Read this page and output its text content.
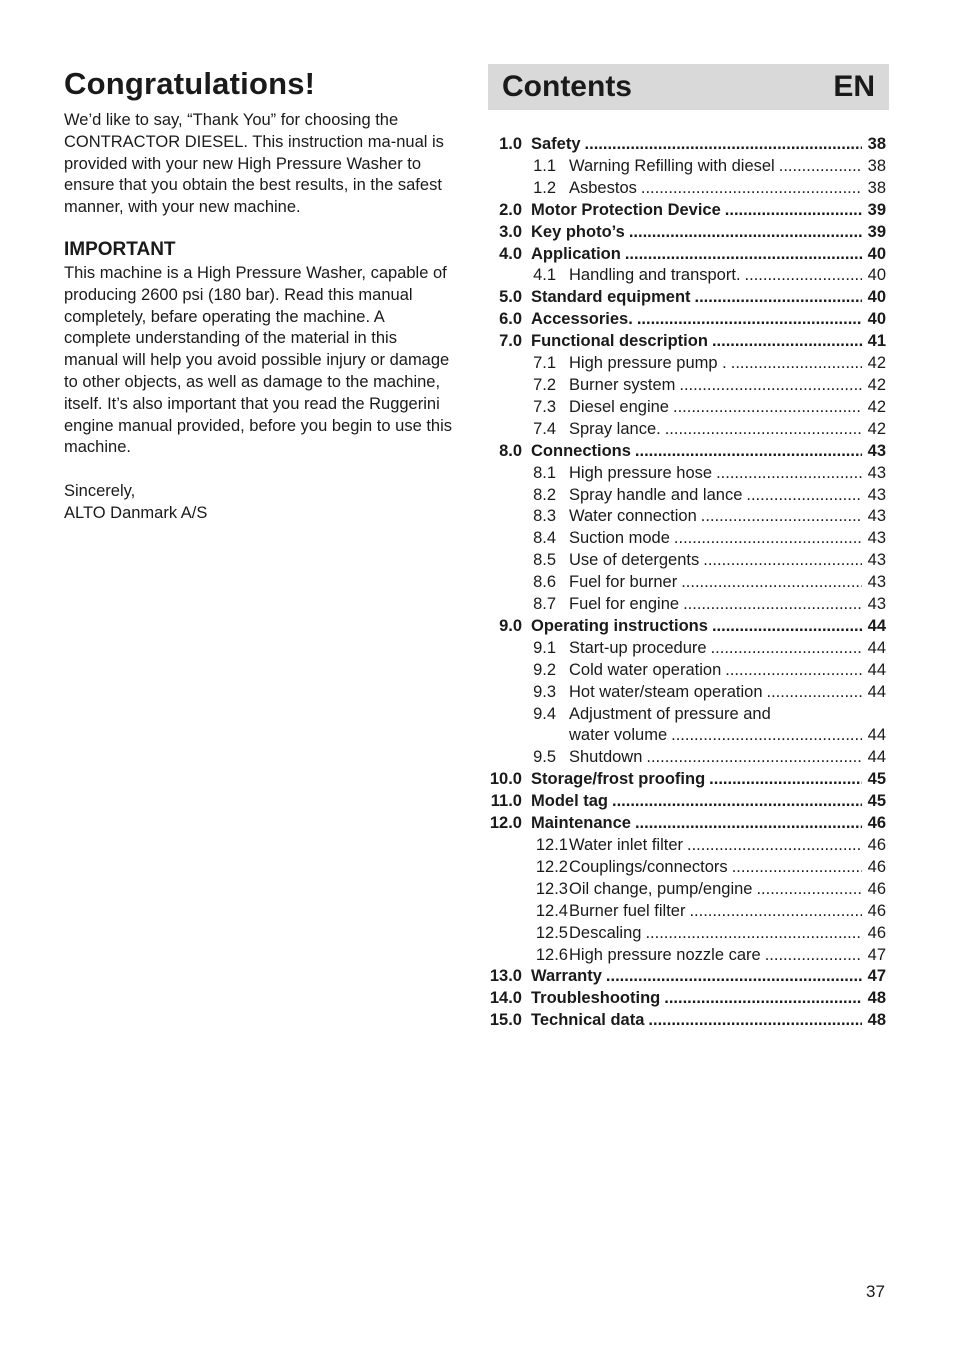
Congratulations!

We’d like to say, “Thank You” for choosing the CONTRACTOR DIESEL. This instruction ma-nual is provided with your new High Pressure Washer to ensure that you obtain the best results, in the safest manner, with your new machine.

IMPORTANT

This machine is a High Pressure Washer, capable of producing 2600 psi (180 bar). Read this manual completely, befare operating the machine. A complete understanding of the material in this manual will help you avoid possible injury or damage to other objects, as well as damage to the machine, itself. It’s also important that you read the Ruggerini engine manual provided, before you begin to use this machine.

Sincerely,

ALTO Danmark A/S

Contents	EN
1.0 Safety .....	38
1.1 Warning Refilling with diesel .....	38
1.2 Asbestos .....	38
2.0 Motor Protection Device .....	39
3.0 Key photo’s .....	39
4.0 Application .....	40
4.1 Handling and transport. .....	40
5.0 Standard equipment .....	40
6.0 Accessories. .....	40
7.0 Functional description .....	41
7.1 High pressure pump . .....	42
7.2 Burner system .....	42
7.3 Diesel engine .....	42
7.4 Spray lance. .....	42
8.0 Connections .....	43
8.1 High pressure hose .....	43
8.2 Spray handle and lance .....	43
8.3 Water connection .....	43
8.4 Suction mode .....	43
8.5 Use of detergents .....	43
8.6 Fuel for burner .....	43
8.7 Fuel for engine .....	43
9.0 Operating instructions .....	44
9.1 Start-up procedure .....	44
9.2 Cold water operation .....	44
9.3 Hot water/steam operation .....	44
9.4 Adjustment of pressure and
water volume .....	44
9.5 Shutdown .....	44
10.0 Storage/frost proofing .....	45
11.0 Model tag .....	45
12.0 Maintenance .....	46
12.1 Water inlet filter .....	46
12.2 Couplings/connectors .....	46
12.3 Oil change, pump/engine .....	46
12.4 Burner fuel filter .....	46
12.5 Descaling .....	46
12.6 High pressure nozzle care .....	47
13.0 Warranty .....	47
14.0 Troubleshooting .....	48
15.0 Technical data .....	48
37
